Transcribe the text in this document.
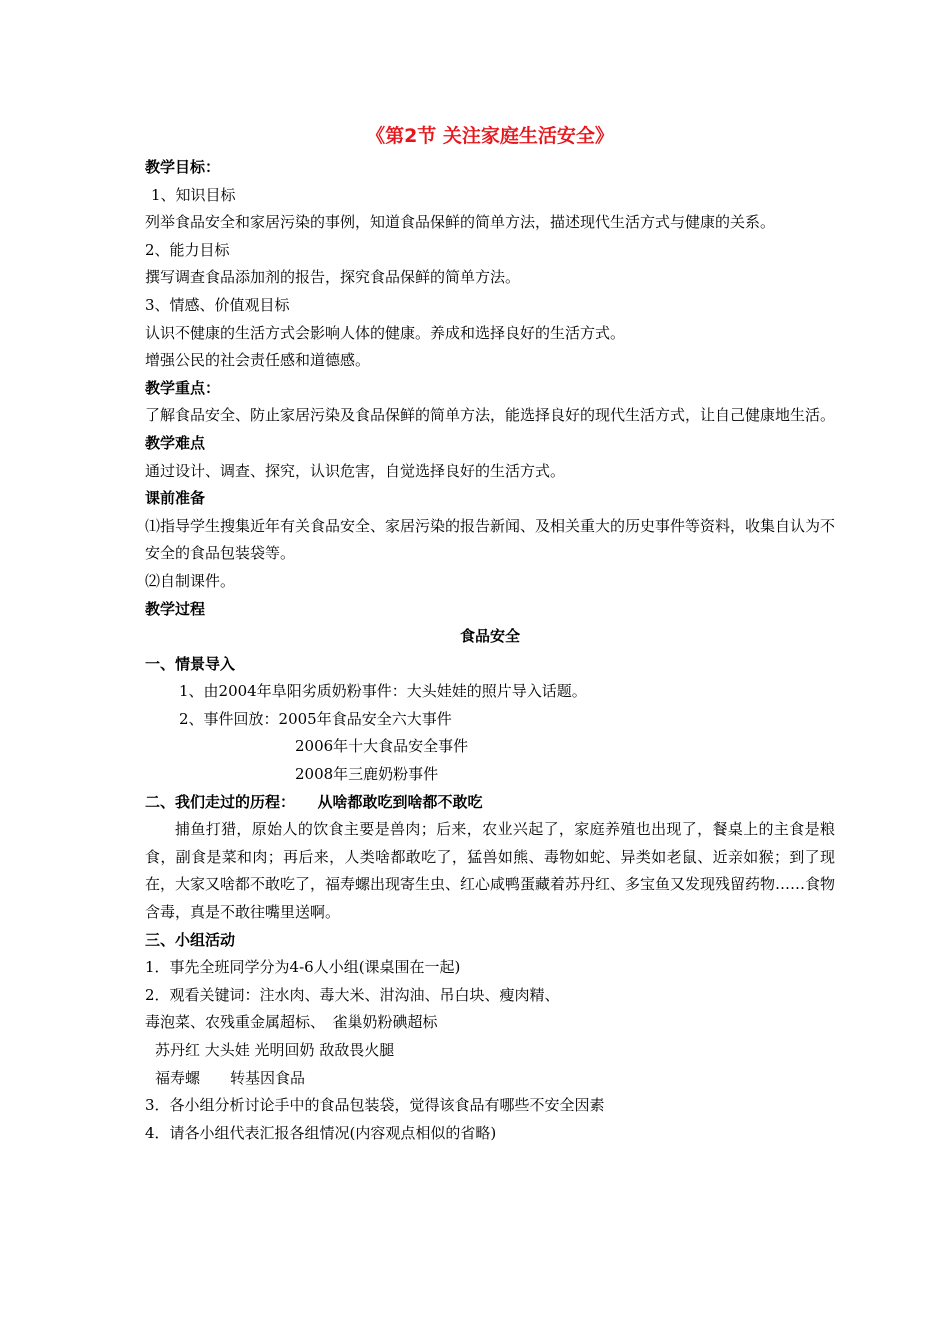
《第2节 关注家庭生活安全》
教学目标：
1、知识目标
列举食品安全和家居污染的事例，知道食品保鲜的简单方法，描述现代生活方式与健康的关系。
2、能力目标
撰写调查食品添加剂的报告，探究食品保鲜的简单方法。
3、情感、价值观目标
认识不健康的生活方式会影响人体的健康。养成和选择良好的生活方式。
增强公民的社会责任感和道德感。
教学重点：
了解食品安全、防止家居污染及食品保鲜的简单方法，能选择良好的现代生活方式，让自己健康地生活。
教学难点
通过设计、调查、探究，认识危害，自觉选择良好的生活方式。
课前准备
⑴指导学生搜集近年有关食品安全、家居污染的报告新闻、及相关重大的历史事件等资料，收集自认为不安全的食品包装袋等。
⑵自制课件。
教学过程
食品安全
一、情景导入
1、由2004年阜阳劣质奶粉事件：大头娃娃的照片导入话题。
2、事件回放：2005年食品安全六大事件
2006年十大食品安全事件
2008年三鹿奶粉事件
二、我们走过的历程：　　从啥都敢吃到啥都不敢吃
捕鱼打猎，原始人的饮食主要是兽肉；后来，农业兴起了，家庭养殖也出现了，餐桌上的主食是粮食，副食是菜和肉；再后来，人类啥都敢吃了，猛兽如熊、毒物如蛇、异类如老鼠、近亲如猴；到了现在，大家又啥都不敢吃了，福寿螺出现寄生虫、红心咸鸭蛋藏着苏丹红、多宝鱼又发现残留药物……食物含毒，真是不敢往嘴里送啊。
三、小组活动
1．事先全班同学分为4-6人小组(课桌围在一起)
2．观看关键词：注水肉、毒大米、泔沟油、吊白块、瘦肉精、
毒泡菜、农残重金属超标、　雀巢奶粉碘超标
苏丹红 大头娃 光明回奶 敌敌畏火腿
福寿螺　　转基因食品
3．各小组分析讨论手中的食品包装袋，觉得该食品有哪些不安全因素
4．请各小组代表汇报各组情况(内容观点相似的省略)
